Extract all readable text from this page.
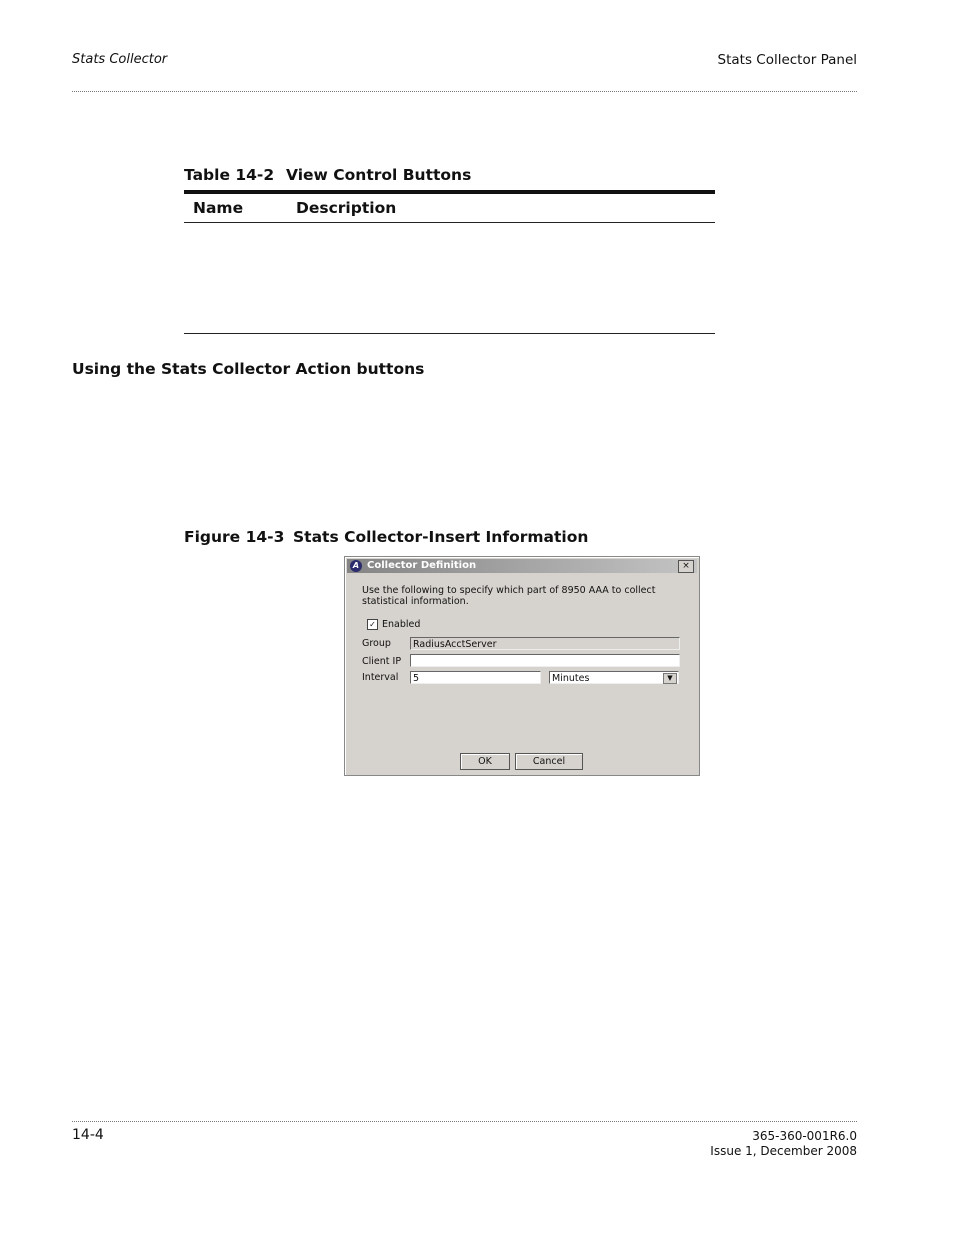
Stats Collector	Stats Collector Panel
Table 14-2 View Control Buttons
Name	Description
Using the Stats Collector Action buttons
Figure 14-3 Stats Collector-Insert Information
A Collector Definition	×
Use the following to specify which part of 8950 AAA to collect statistical information.
✓ Enabled
Group	RadiusAcctServer
Client IP
Interval	5	Minutes	▼
OK	Cancel
14-4	365-360-001R6.0
Issue 1, December 2008
